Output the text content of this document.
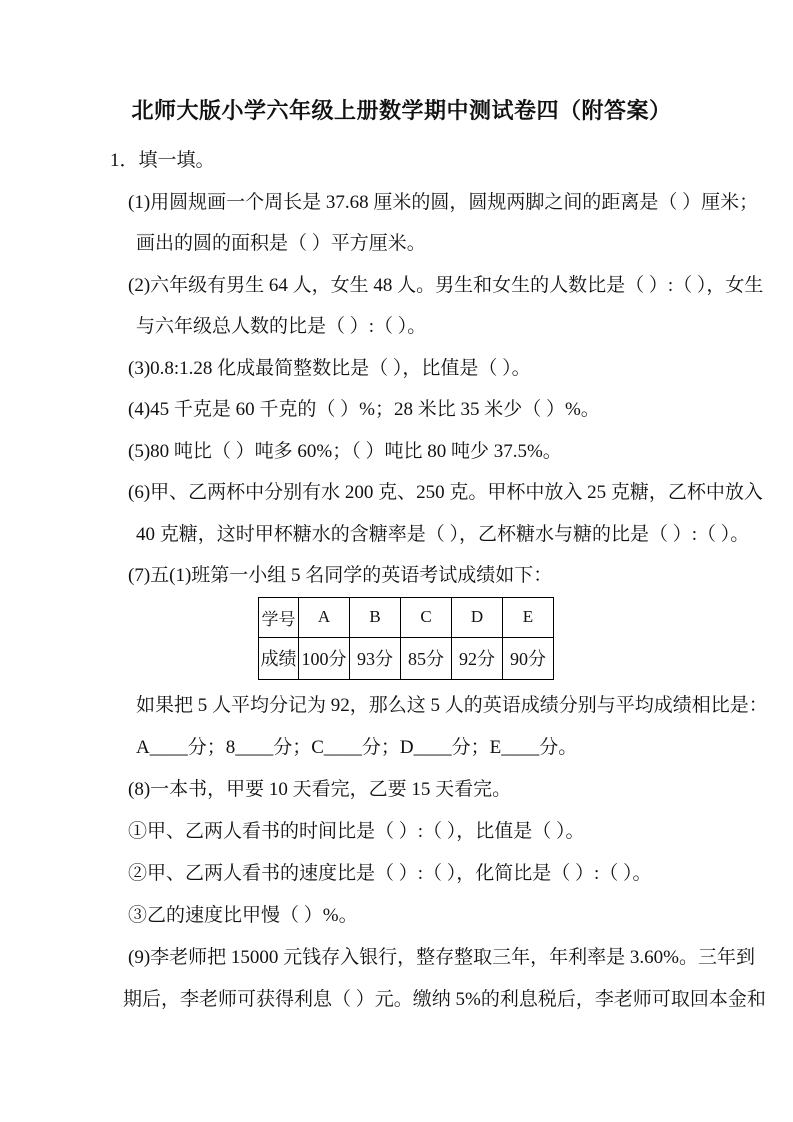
北师大版小学六年级上册数学期中测试卷四（附答案）
1．填一填。
(1)用圆规画一个周长是 37.68 厘米的圆，圆规两脚之间的距离是（ ）厘米；
画出的圆的面积是（ ）平方厘米。
(2)六年级有男生 64 人，女生 48 人。男生和女生的人数比是（ ）:（ ），女生
与六年级总人数的比是（ ）:（ ）。
(3)0.8:1.28 化成最简整数比是（ ），比值是（ ）。
(4)45 千克是 60 千克的（ ）%；28 米比 35 米少（ ）%。
(5)80 吨比（ ）吨多 60%；（ ）吨比 80 吨少 37.5%。
(6)甲、乙两杯中分别有水 200 克、250 克。甲杯中放入 25 克糖，乙杯中放入
40 克糖，这时甲杯糖水的含糖率是（ ），乙杯糖水与糖的比是（ ）:（ ）。
(7)五(1)班第一小组 5 名同学的英语考试成绩如下：
学号	A	B	C	D	E
成绩	100分	93分	85分	92分	90分
如果把 5 人平均分记为 92，那么这 5 人的英语成绩分别与平均成绩相比是：
A____分；8____分；C____分；D____分；E____分。
(8)一本书，甲要 10 天看完，乙要 15 天看完。
①甲、乙两人看书的时间比是（ ）:（ ），比值是（ ）。
②甲、乙两人看书的速度比是（ ）:（ ），化简比是（ ）:（ ）。
③乙的速度比甲慢（ ）%。
(9)李老师把 15000 元钱存入银行，整存整取三年，年利率是 3.60%。三年到
期后，李老师可获得利息（ ）元。缴纳 5%的利息税后，李老师可取回本金和
